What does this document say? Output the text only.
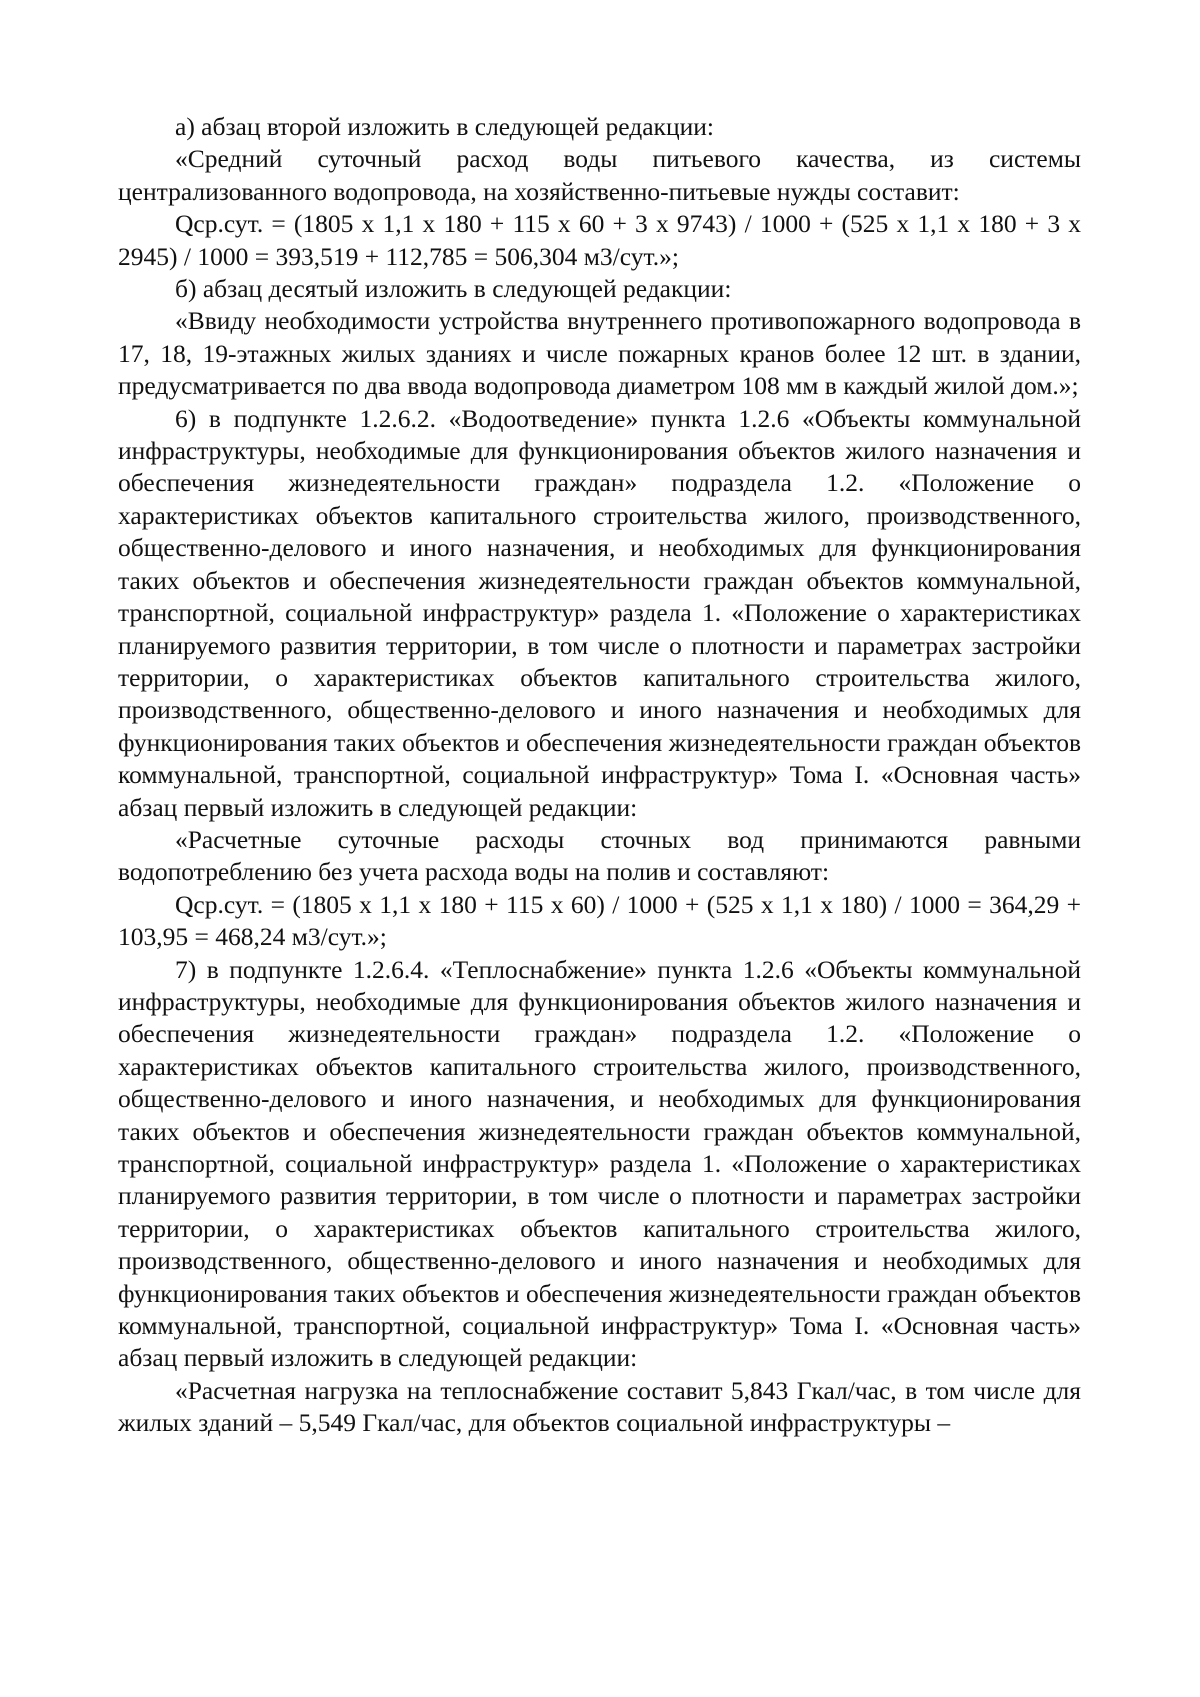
а) абзац второй изложить в следующей редакции:

«Средний суточный расход воды питьевого качества, из системы централизованного водопровода, на хозяйственно-питьевые нужды составит:

Qср.сут. = (1805 х 1,1 х 180 + 115 х 60 + 3 х 9743) / 1000 + (525 х 1,1 х 180 + 3 х 2945) / 1000 = 393,519 + 112,785 = 506,304 м3/сут.»;

б) абзац десятый изложить в следующей редакции:

«Ввиду необходимости устройства внутреннего противопожарного водопровода в 17, 18, 19-этажных жилых зданиях и числе пожарных кранов более 12 шт. в здании, предусматривается по два ввода водопровода диаметром 108 мм в каждый жилой дом.»;

6) в подпункте 1.2.6.2. «Водоотведение» пункта 1.2.6 «Объекты коммунальной инфраструктуры, необходимые для функционирования объектов жилого назначения и обеспечения жизнедеятельности граждан» подраздела 1.2. «Положение о характеристиках объектов капитального строительства жилого, производственного, общественно-делового и иного назначения, и необходимых для функционирования таких объектов и обеспечения жизнедеятельности граждан объектов коммунальной, транспортной, социальной инфраструктур» раздела 1. «Положение о характеристиках планируемого развития территории, в том числе о плотности и параметрах застройки территории, о характеристиках объектов капитального строительства жилого, производственного, общественно-делового и иного назначения и необходимых для функционирования таких объектов и обеспечения жизнедеятельности граждан объектов коммунальной, транспортной, социальной инфраструктур» Тома I. «Основная часть» абзац первый изложить в следующей редакции:

«Расчетные суточные расходы сточных вод принимаются равными водопотреблению без учета расхода воды на полив и составляют:

Qср.сут. = (1805 х 1,1 х 180 + 115 х 60) / 1000 + (525 х 1,1 х 180) / 1000 = 364,29 + 103,95 = 468,24 м3/сут.»;

7) в подпункте 1.2.6.4. «Теплоснабжение» пункта 1.2.6 «Объекты коммунальной инфраструктуры, необходимые для функционирования объектов жилого назначения и обеспечения жизнедеятельности граждан» подраздела 1.2. «Положение о характеристиках объектов капитального строительства жилого, производственного, общественно-делового и иного назначения, и необходимых для функционирования таких объектов и обеспечения жизнедеятельности граждан объектов коммунальной, транспортной, социальной инфраструктур» раздела 1. «Положение о характеристиках планируемого развития территории, в том числе о плотности и параметрах застройки территории, о характеристиках объектов капитального строительства жилого, производственного, общественно-делового и иного назначения и необходимых для функционирования таких объектов и обеспечения жизнедеятельности граждан объектов коммунальной, транспортной, социальной инфраструктур» Тома I. «Основная часть» абзац первый изложить в следующей редакции:

«Расчетная нагрузка на теплоснабжение составит 5,843 Гкал/час, в том числе для жилых зданий – 5,549 Гкал/час, для объектов социальной инфраструктуры –
